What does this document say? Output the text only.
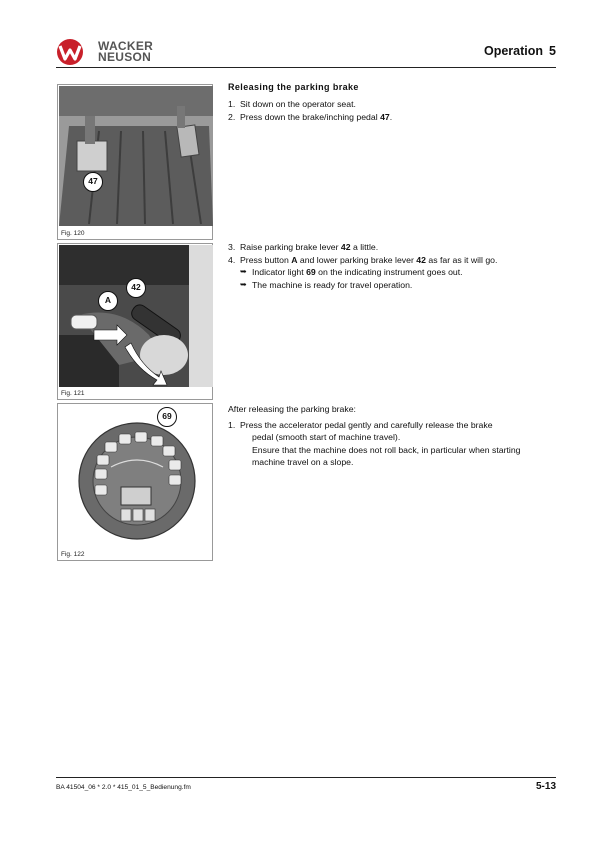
WACKER
NEUSON	Operation 5
47
Fig. 120
A
42
Fig. 121
69
Fig. 122
Releasing the parking brake
1. Sit down on the operator seat.
2. Press down the brake/inching pedal 47.
3. Raise parking brake lever 42 a little.
4. Press button A and lower parking brake lever 42 as far as it will go.
➥ Indicator light 69 on the indicating instrument goes out.
➥ The machine is ready for travel operation.

After releasing the parking brake:

1. Press the accelerator pedal gently and carefully release the brake
pedal (smooth start of machine travel).
Ensure that the machine does not roll back, in particular when starting
machine travel on a slope.
BA 41504_06 * 2.0 * 415_01_5_Bedienung.fm	5-13
